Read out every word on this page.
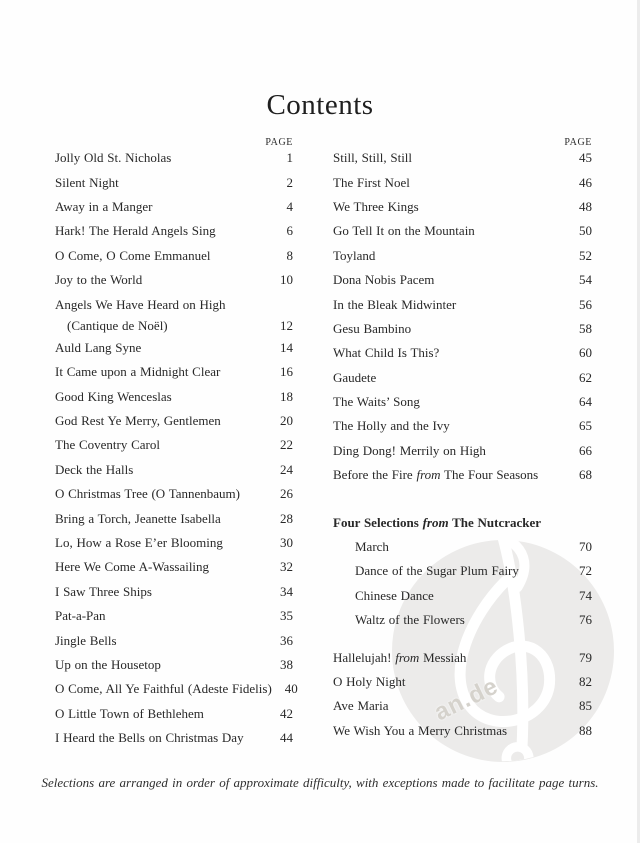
an.de
Contents
PAGE	PAGE
Jolly Old St. Nicholas	1
Silent Night	2
Away in a Manger	4
Hark! The Herald Angels Sing	6
O Come, O Come Emmanuel	8
Joy to the World	10
Angels We Have Heard on High
(Cantique de Noël)	12
Auld Lang Syne	14
It Came upon a Midnight Clear	16
Good King Wenceslas	18
God Rest Ye Merry, Gentlemen	20
The Coventry Carol	22
Deck the Halls	24
O Christmas Tree (O Tannenbaum)	26
Bring a Torch, Jeanette Isabella	28
Lo, How a Rose E’er Blooming	30
Here We Come A-Wassailing	32
I Saw Three Ships	34
Pat-a-Pan	35
Jingle Bells	36
Up on the Housetop	38
O Come, All Ye Faithful (Adeste Fidelis)	40
O Little Town of Bethlehem	42
I Heard the Bells on Christmas Day	44
Still, Still, Still	45
The First Noel	46
We Three Kings	48
Go Tell It on the Mountain	50
Toyland	52
Dona Nobis Pacem	54
In the Bleak Midwinter	56
Gesu Bambino	58
What Child Is This?	60
Gaudete	62
The Waits’ Song	64
The Holly and the Ivy	65
Ding Dong! Merrily on High	66
Before the Fire from The Four Seasons	68
Four Selections from The Nutcracker
March	70
Dance of the Sugar Plum Fairy	72
Chinese Dance	74
Waltz of the Flowers	76
Hallelujah! from Messiah	79
O Holy Night	82
Ave Maria	85
We Wish You a Merry Christmas	88
Selections are arranged in order of approximate difficulty, with exceptions made to facilitate page turns.
